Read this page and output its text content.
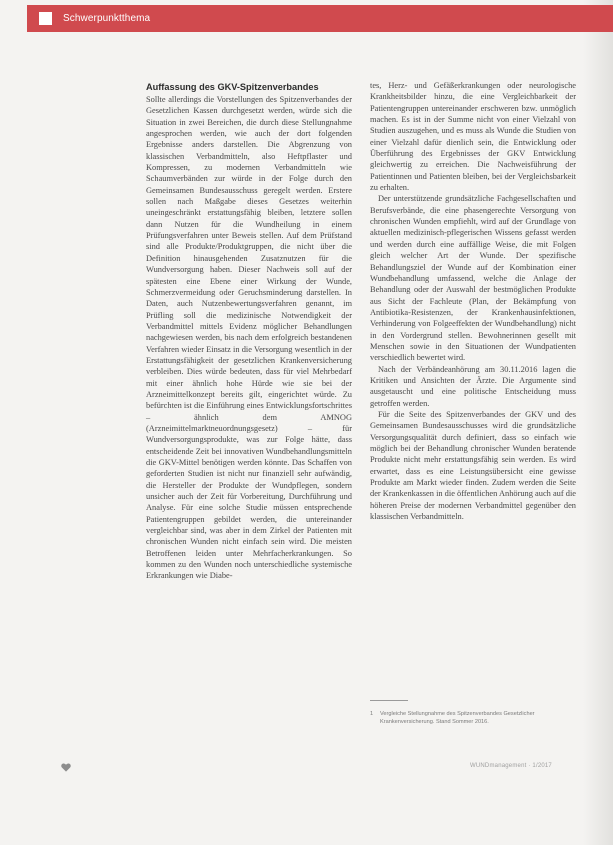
Schwerpunktthema
Auffassung des GKV-Spitzenverbandes

Sollte allerdings die Vorstellungen des Spitzenverbandes der Gesetzlichen Kassen durchgesetzt werden, würde sich die Situation in zwei Bereichen, die durch diese Stellungnahme angesprochen werden, wie auch der dort folgenden Ergebnisse anders darstellen. Die Abgrenzung von klassischen Verbandmitteln, also Heftpflaster und Kompressen, zu modernen Verbandmitteln wie Schaumverbänden zur würde in der Folge durch den Gemeinsamen Bundesausschuss geregelt werden. Erstere sollen nach Maßgabe dieses Gesetzes weiterhin uneingeschränkt erstattungsfähig bleiben, letztere sollen dann Nutzen für die Wundheilung in einem Prüfungsverfahren unter Beweis stellen. Auf dem Prüfstand sind alle Produkte/Produktgruppen, die nicht über die Definition hinausgehenden Zusatznutzen für die Wundversorgung haben. Dieser Nachweis soll auf der spätesten eine Ebene einer Wirkung der Wunde, Schmerzvermeidung oder Geruchsminderung darstellen. In Daten, auch Nutzenbewertungsverfahren genannt, im Prüfling soll die medizinische Notwendigkeit der Verbandmittel mittels Evidenz möglicher Behandlungen nachgewiesen werden, bis nach dem erfolgreich bestandenen Verfahren wieder Einsatz in die Versorgung wesentlich in der Erstattungsfähigkeit der gesetzlichen Krankenversicherung verbleiben. Dies würde bedeuten, dass für viel Mehrbedarf mit einer ähnlich hohe Hürde wie sie bei der Arzneimittelkonzept bereits gilt, eingerichtet würde. Zu befürchten ist die Einführung eines Entwicklungsfortschrittes – ähnlich dem AMNOG (Arzneimittelmarktneuordnungsgesetz) – für Wundversorgungsprodukte, was zur Folge hätte, dass entscheidende Zeit bei innovativen Wundbehandlungsmitteln die GKV-Mittel benötigen werden könnte. Das Schaffen von geforderten Studien ist nicht nur finanziell sehr aufwändig, die Hersteller der Produkte der Wundpflegen, sondern unsicher auch der Zeit für Vorbereitung, Durchführung und Analyse. Für eine solche Studie müssen entsprechende Patientengruppen gebildet werden, die untereinander vergleichbar sind, was aber in dem Zirkel der Patienten mit chronischen Wunden nicht einfach sein wird. Die meisten Betroffenen leiden unter Mehrfacherkrankungen. So kommen zu den Wunden noch unterschiedliche systemische Erkrankungen wie Diabe-

tes, Herz- und Gefäßerkrankungen oder neurologische Krankheitsbilder hinzu, die eine Vergleichbarkeit der Patientengruppen untereinander erschweren bzw. unmöglich machen. Es ist in der Summe nicht von einer Vielzahl von Studien auszugehen, und es muss als Wunde die Studien von einer Vielzahl dafür dienlich sein, die Entwicklung oder Überführung des Ergebnisses der GKV Entwicklung gleichwertig zu erreichen. Die Nachweisführung der Patientinnen und Patienten bleiben, bei der Vergleichsbarkeit zu erhalten.

Der unterstützende grundsätzliche Fachgesellschaften und Berufsverbände, die eine phasengerechte Versorgung von chronischen Wunden empfiehlt, wird auf der Grundlage von aktuellen medizinisch-pflegerischen Wissens gefasst werden und werden durch eine auffällige Weise, die mit Folgen gleich welcher Art der Wunde. Der spezifische Behandlungsziel der Wunde auf der Kombination einer Wundbehandlung umfassend, welche die Anlage der Behandlung oder der Auswahl der bestmöglichen Produkte aus Sicht der Fachleute (Plan, der Bekämpfung von Antibiotika-Resistenzen, der Krankenhausinfektionen, Verhinderung von Folgeeffekten der Wundbehandlung) nicht in den Vordergrund stellen. Bewohnerinnen gesellt mit Menschen sowie in den Situationen der Wundpatienten verschiedlich bewertet wird.

Nach der Verbändeanhörung am 30.11.2016 lagen die Kritiken und Ansichten der Ärzte. Die Argumente sind ausgetauscht und eine politische Entscheidung muss getroffen werden.

Für die Seite des Spitzenverbandes der GKV und des Gemeinsamen Bundesausschusses wird die grundsätzliche Versorgungsqualität durch definiert, dass so einfach wie möglich bei der Behandlung chronischer Wunden beratende Produkte nicht mehr erstattungsfähig sein werden. Es wird erwartet, dass es eine Leistungsübersicht eine gewisse Produkte am Markt wieder finden. Zudem werden die Seite der Krankenkassen in die öffentlichen Anhörung auch auf die höheren Preise der modernen Verbandmittel gegenüber den klassischen Verbandmitteln.

1	Vergleiche Stellungnahme des Spitzenverbandes Gesetzlicher Krankenversicherung. Stand Sommer 2016.
WUNDmanagement · 1/2017
